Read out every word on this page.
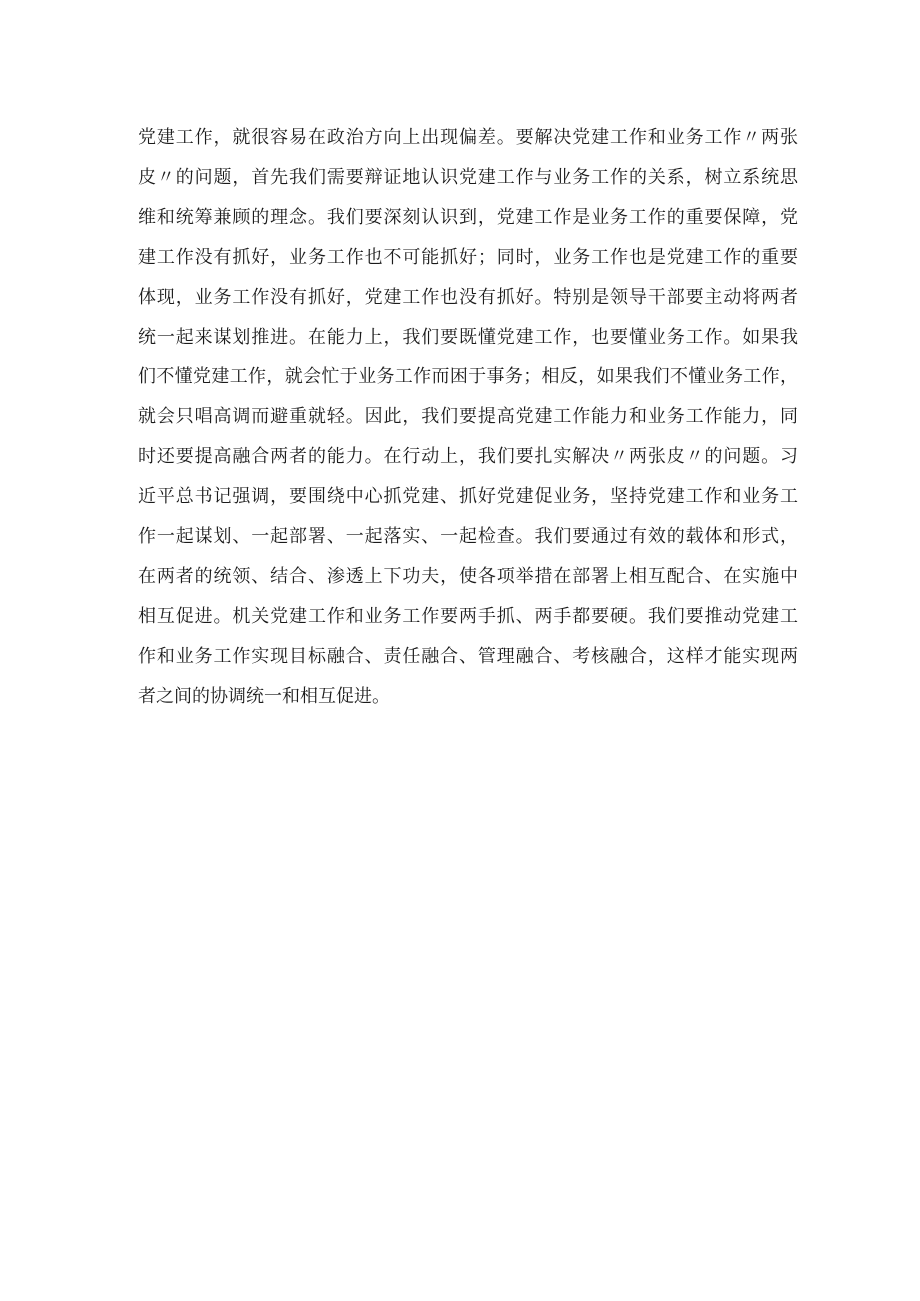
党建工作，就很容易在政治方向上出现偏差。要解决党建工作和业务工作〃两张
皮〃的问题，首先我们需要辩证地认识党建工作与业务工作的关系，树立系统思
维和统筹兼顾的理念。我们要深刻认识到，党建工作是业务工作的重要保障，党
建工作没有抓好，业务工作也不可能抓好；同时，业务工作也是党建工作的重要
体现，业务工作没有抓好，党建工作也没有抓好。特别是领导干部要主动将两者
统一起来谋划推进。在能力上，我们要既懂党建工作，也要懂业务工作。如果我
们不懂党建工作，就会忙于业务工作而困于事务；相反，如果我们不懂业务工作，
就会只唱高调而避重就轻。因此，我们要提高党建工作能力和业务工作能力，同
时还要提高融合两者的能力。在行动上，我们要扎实解决〃两张皮〃的问题。习
近平总书记强调，要围绕中心抓党建、抓好党建促业务，坚持党建工作和业务工
作一起谋划、一起部署、一起落实、一起检查。我们要通过有效的载体和形式，
在两者的统领、结合、渗透上下功夫，使各项举措在部署上相互配合、在实施中
相互促进。机关党建工作和业务工作要两手抓、两手都要硬。我们要推动党建工
作和业务工作实现目标融合、责任融合、管理融合、考核融合，这样才能实现两
者之间的协调统一和相互促进。
